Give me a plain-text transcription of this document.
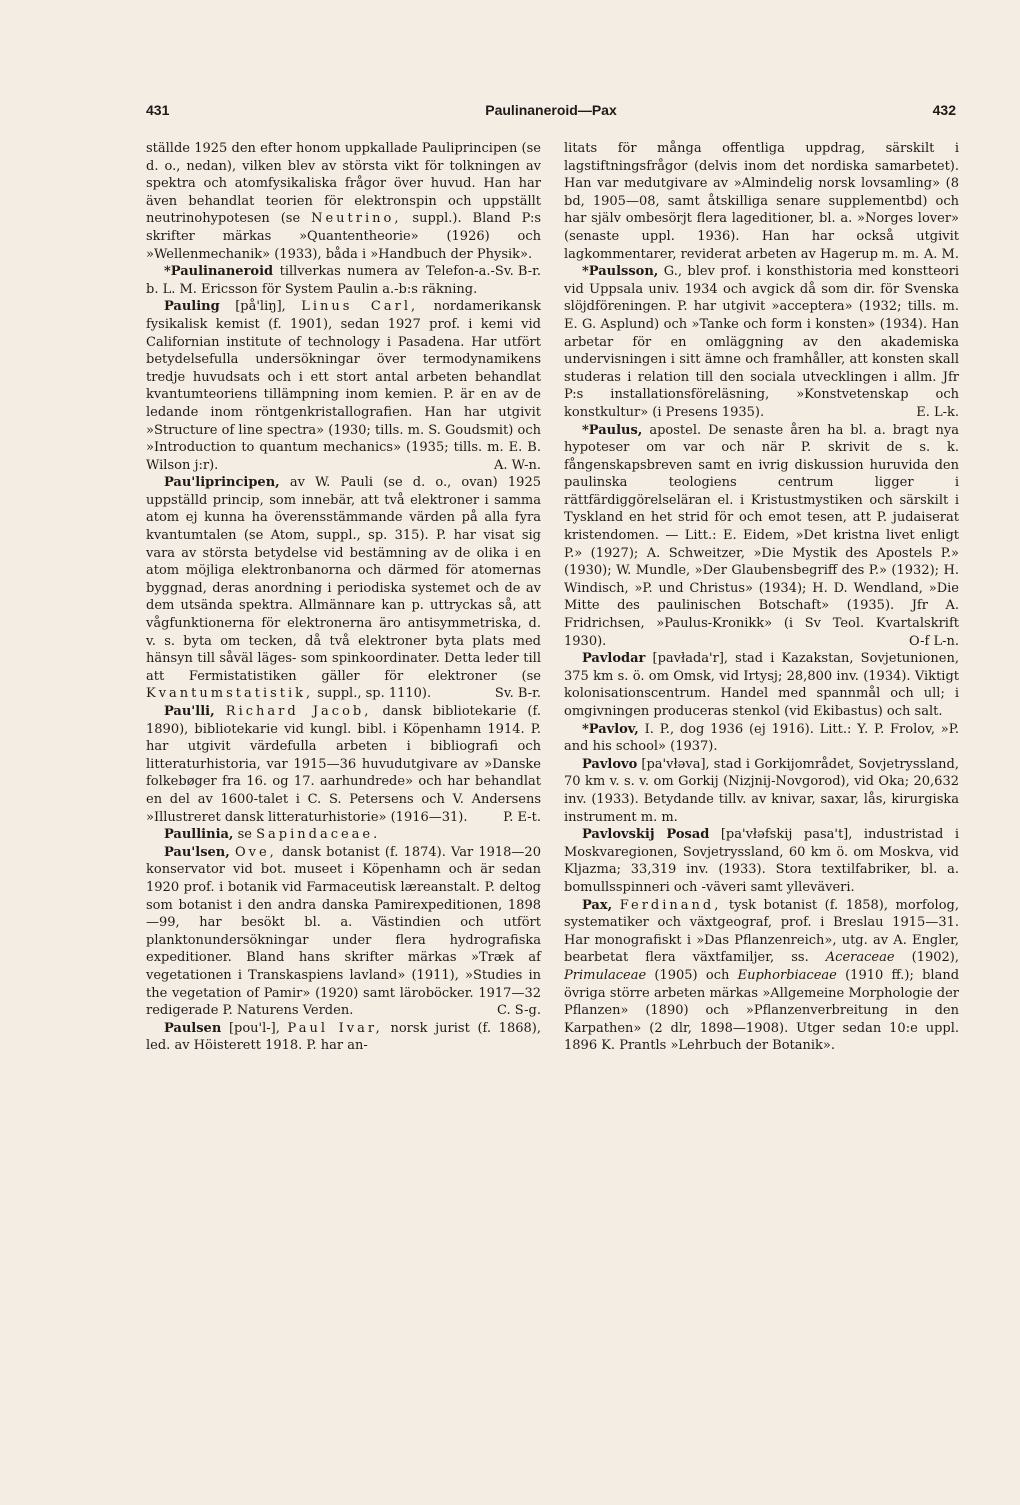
431	Paulinaneroid—Pax	432

ställde 1925 den efter honom uppkallade Pauliprincipen (se d. o., nedan), vilken blev av största vikt för tolkningen av spektra och atomfysikaliska frågor över huvud. Han har även behandlat teorien för elektronspin och uppställt neutrinohypotesen (se Neutrino, suppl.). Bland P:s skrifter märkas »Quantentheorie» (1926) och »Wellenmechanik» (1933), båda i »Handbuch der Physik».
Sv. B-r.

*Paulinaneroid tillverkas numera av Telefon-a.-b. L. M. Ericsson för System Paulin a.-b:s räkning.

Pauling [på'liŋ], Linus Carl, nordamerikansk fysikalisk kemist (f. 1901), sedan 1927 prof. i kemi vid Californian institute of technology i Pasadena. Har utfört betydelsefulla undersökningar över termodynamikens tredje huvudsats och i ett stort antal arbeten behandlat kvantumteoriens tillämpning inom kemien. P. är en av de ledande inom röntgenkristallografien. Han har utgivit »Structure of line spectra» (1930; tills. m. S. Goudsmit) och »Introduction to quantum mechanics» (1935; tills. m. E. B. Wilson j:r).	A. W-n.

Pau'liprincipen, av W. Pauli (se d. o., ovan) 1925 uppställd princip, som innebär, att två elektroner i samma atom ej kunna ha överensstämmande värden på alla fyra kvantumtalen (se Atom, suppl., sp. 315). P. har visat sig vara av största betydelse vid bestämning av de olika i en atom möjliga elektronbanorna och därmed för atomernas byggnad, deras anordning i periodiska systemet och de av dem utsända spektra. Allmännare kan p. uttryckas så, att vågfunktionerna för elektronerna äro antisymmetriska, d. v. s. byta om tecken, då två elektroner byta plats med hänsyn till såväl läges- som spinkoordinater. Detta leder till att Fermistatistiken gäller för elektroner (se Kvantumstatistik, suppl., sp. 1110).	Sv. B-r.

Pau'lli, Richard Jacob, dansk bibliotekarie (f. 1890), bibliotekarie vid kungl. bibl. i Köpenhamn 1914. P. har utgivit värdefulla arbeten i bibliografi och litteraturhistoria, var 1915—36 huvudutgivare av »Danske folkebøger fra 16. og 17. aarhundrede» och har behandlat en del av 1600-talet i C. S. Petersens och V. Andersens »Illustreret dansk litteraturhistorie» (1916—31).	P. E-t.

Paullinia, se Sapindaceae.

Pau'lsen, Ove, dansk botanist (f. 1874). Var 1918—20 konservator vid bot. museet i Köpenhamn och är sedan 1920 prof. i botanik vid Farmaceutisk læreanstalt. P. deltog som botanist i den andra danska Pamirexpeditionen, 1898—99, har besökt bl. a. Västindien och utfört planktonundersökningar under flera hydrografiska expeditioner. Bland hans skrifter märkas »Træk af vegetationen i Transkaspiens lavland» (1911), »Studies in the vegetation of Pamir» (1920) samt läroböcker. 1917—32 redigerade P. Naturens Verden.	C. S-g.

Paulsen [pou'l-], Paul Ivar, norsk jurist (f. 1868), led. av Höisterett 1918. P. har an-

litats för många offentliga uppdrag, särskilt i lagstiftningsfrågor (delvis inom det nordiska samarbetet). Han var medutgivare av »Almindelig norsk lovsamling» (8 bd, 1905—08, samt åtskilliga senare supplementbd) och har själv ombesörjt flera lageditioner, bl. a. »Norges lover» (senaste uppl. 1936). Han har också utgivit lagkommentarer, reviderat arbeten av Hagerup m. m. A. M.

*Paulsson, G., blev prof. i konsthistoria med konstteori vid Uppsala univ. 1934 och avgick då som dir. för Svenska slöjdföreningen. P. har utgivit »acceptera» (1932; tills. m. E. G. Asplund) och »Tanke och form i konsten» (1934). Han arbetar för en omläggning av den akademiska undervisningen i sitt ämne och framhåller, att konsten skall studeras i relation till den sociala utvecklingen i allm. Jfr P:s installationsföreläsning, »Konstvetenskap och konstkultur» (i Presens 1935).	E. L-k.

*Paulus, apostel. De senaste åren ha bl. a. bragt nya hypoteser om var och när P. skrivit de s. k. fångenskapsbreven samt en ivrig diskussion huruvida den paulinska teologiens centrum ligger i rättfärdiggörelseläran el. i Kristustmystiken och särskilt i Tyskland en het strid för och emot tesen, att P. judaiserat kristendomen. — Litt.: E. Eidem, »Det kristna livet enligt P.» (1927); A. Schweitzer, »Die Mystik des Apostels P.» (1930); W. Mundle, »Der Glaubensbegriff des P.» (1932); H. Windisch, »P. und Christus» (1934); H. D. Wendland, »Die Mitte des paulinischen Botschaft» (1935). Jfr A. Fridrichsen, »Paulus-Kronikk» (i Sv Teol. Kvartalskrift 1930).	O-f L-n.

Pavlodar [pavłada'r], stad i Kazakstan, Sovjetunionen, 375 km s. ö. om Omsk, vid Irtysj; 28,800 inv. (1934). Viktigt kolonisationscentrum. Handel med spannmål och ull; i omgivningen produceras stenkol (vid Ekibastus) och salt.

*Pavlov, I. P., dog 1936 (ej 1916). Litt.: Y. P. Frolov, »P. and his school» (1937).

Pavlovo [pa'vłəva], stad i Gorkijområdet, Sovjetryssland, 70 km v. s. v. om Gorkij (Nizjnij-Novgorod), vid Oka; 20,632 inv. (1933). Betydande tillv. av knivar, saxar, lås, kirurgiska instrument m. m.

Pavlovskij Posad [pa'vłəfskij pasa't], industristad i Moskvaregionen, Sovjetryssland, 60 km ö. om Moskva, vid Kljazma; 33,319 inv. (1933). Stora textilfabriker, bl. a. bomullsspinneri och -väveri samt ylleväveri.

Pax, Ferdinand, tysk botanist (f. 1858), morfolog, systematiker och växtgeograf, prof. i Breslau 1915—31. Har monografiskt i »Das Pflanzenreich», utg. av A. Engler, bearbetat flera växtfamiljer, ss. Aceraceae (1902), Primulaceae (1905) och Euphorbiaceae (1910 ff.); bland övriga större arbeten märkas »Allgemeine Morphologie der Pflanzen» (1890) och »Pflanzenverbreitung in den Karpathen» (2 dlr, 1898—1908). Utger sedan 10:e uppl. 1896 K. Prantls »Lehrbuch der Botanik».
